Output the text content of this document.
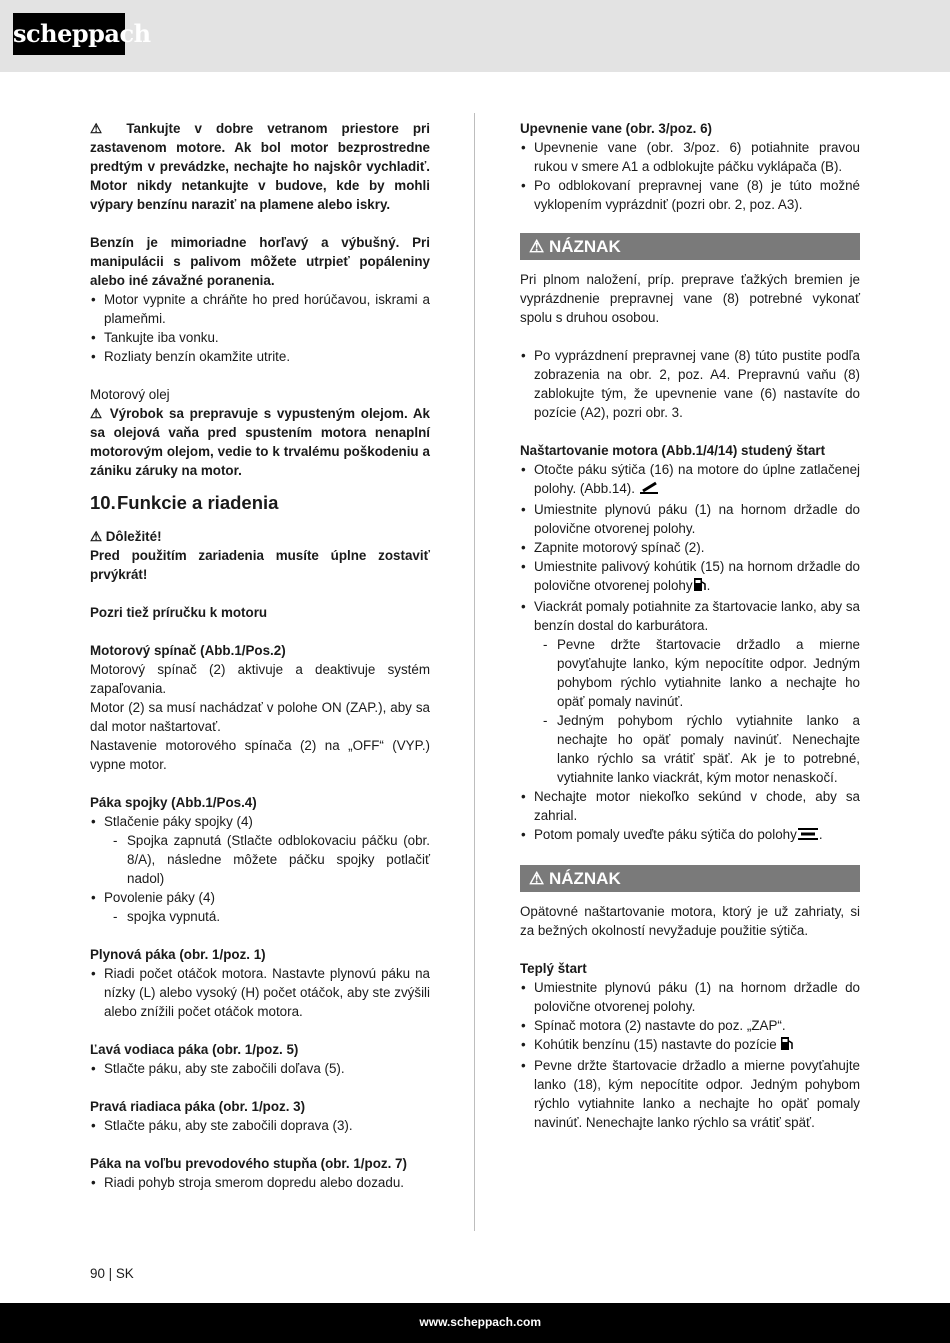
scheppach

⚠ Tankujte v dobre vetranom priestore pri zastavenom motore. Ak bol motor bezprostredne predtým v prevádzke, nechajte ho najskôr vychladiť. Motor nikdy netankujte v budove, kde by mohli výpary benzínu naraziť na plamene alebo iskry.

Benzín je mimoriadne horľavý a výbušný. Pri manipulácii s palivom môžete utrpieť popáleniny alebo iné závažné poranenia.

• Motor vypnite a chráňte ho pred horúčavou, iskrami a plameňmi.

• Tankujte iba vonku.

• Rozliaty benzín okamžite utrite.

Motorový olej

⚠ Výrobok sa prepravuje s vypusteným olejom. Ak sa olejová vaňa pred spustením motora nenaplní motorovým olejom, vedie to k trvalému poškodeniu a zániku záruky na motor.

10.Funkcie a riadenia

⚠ Dôležité!

Pred použitím zariadenia musíte úplne zostaviť prvýkrát!

Pozri tiež príručku k motoru

Motorový spínač (Abb.1/Pos.2)

Motorový spínač (2) aktivuje a deaktivuje systém zapaľovania.

Motor (2) sa musí nachádzať v polohe ON (ZAP.), aby sa dal motor naštartovať.

Nastavenie motorového spínača (2) na „OFF“ (VYP.) vypne motor.

Páka spojky (Abb.1/Pos.4)

• Stlačenie páky spojky (4)

- Spojka zapnutá (Stlačte odblokovaciu páčku (obr. 8/A), následne môžete páčku spojky potlačiť nadol)

• Povolenie páky (4)

- spojka vypnutá.

Plynová páka (obr. 1/poz. 1)

• Riadi počet otáčok motora. Nastavte plynovú páku na nízky (L) alebo vysoký (H) počet otáčok, aby ste zvýšili alebo znížili počet otáčok motora.

Ľavá vodiaca páka (obr. 1/poz. 5)

• Stlačte páku, aby ste zabočili doľava (5).

Pravá riadiaca páka (obr. 1/poz. 3)

• Stlačte páku, aby ste zabočili doprava (3).

Páka na voľbu prevodového stupňa (obr. 1/poz. 7)

• Riadi pohyb stroja smerom dopredu alebo dozadu.

Upevnenie vane (obr. 3/poz. 6)

• Upevnenie vane (obr. 3/poz. 6) potiahnite pravou rukou v smere A1 a odblokujte páčku vyklápača (B).

• Po odblokovaní prepravnej vane (8) je túto možné vyklopením vyprázdniť (pozri obr. 2, poz. A3).

⚠ NÁZNAK

Pri plnom naložení, príp. preprave ťažkých bremien je vyprázdnenie prepravnej vane (8) potrebné vykonať spolu s druhou osobou.

• Po vyprázdnení prepravnej vane (8) túto pustite podľa zobrazenia na obr. 2, poz. A4. Prepravnú vaňu (8) zablokujte tým, že upevnenie vane (6) nastavíte do pozície (A2), pozri obr. 3.

Naštartovanie motora (Abb.1/4/14) studený štart

• Otočte páku sýtiča (16) na motore do úplne zatlačenej polohy. (Abb.14).

• Umiestnite plynovú páku (1) na hornom držadle do polovične otvorenej polohy.

• Zapnite motorový spínač (2).

• Umiestnite palivový kohútik (15) na hornom držadle do polovične otvorenej polohy .

• Viackrát pomaly potiahnite za štartovacie lanko, aby sa benzín dostal do karburátora.

- Pevne držte štartovacie držadlo a mierne povyťahujte lanko, kým nepocítite odpor. Jedným pohybom rýchlo vytiahnite lanko a nechajte ho opäť pomaly navinúť.

- Jedným pohybom rýchlo vytiahnite lanko a nechajte ho opäť pomaly navinúť. Nenechajte lanko rýchlo sa vrátiť späť. Ak je to potrebné, vytiahnite lanko viackrát, kým motor nenaskočí.

• Nechajte motor niekoľko sekúnd v chode, aby sa zahrial.

• Potom pomaly uveďte páku sýtiča do polohy .

⚠ NÁZNAK

Opätovné naštartovanie motora, ktorý je už zahriaty, si za bežných okolností nevyžaduje použitie sýtiča.

Teplý štart

• Umiestnite plynovú páku (1) na hornom držadle do polovične otvorenej polohy.

• Spínač motora (2) nastavte do poz. „ZAP“.

• Kohútik benzínu (15) nastavte do pozície

• Pevne držte štartovacie držadlo a mierne povyťahujte lanko (18), kým nepocítite odpor. Jedným pohybom rýchlo vytiahnite lanko a nechajte ho opäť pomaly navinúť. Nenechajte lanko rýchlo sa vrátiť späť.

90 | SK
www.scheppach.com
